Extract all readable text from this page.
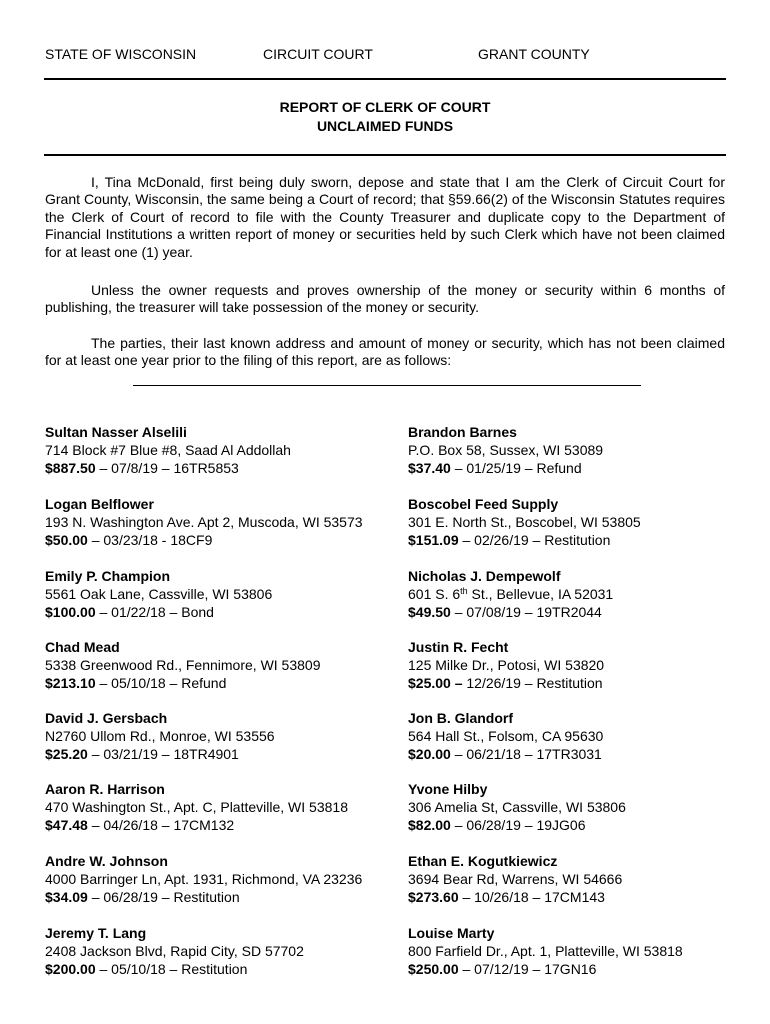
STATE OF WISCONSIN	CIRCUIT COURT	GRANT COUNTY
REPORT OF CLERK OF COURT
UNCLAIMED FUNDS

I, Tina McDonald, first being duly sworn, depose and state that I am the Clerk of Circuit Court for Grant County, Wisconsin, the same being a Court of record; that §59.66(2) of the Wisconsin Statutes requires the Clerk of Court of record to file with the County Treasurer and duplicate copy to the Department of Financial Institutions a written report of money or securities held by such Clerk which have not been claimed for at least one (1) year.

Unless the owner requests and proves ownership of the money or security within 6 months of publishing, the treasurer will take possession of the money or security.

The parties, their last known address and amount of money or security, which has not been claimed for at least one year prior to the filing of this report, are as follows:

Sultan Nasser Alselili
714 Block #7 Blue #8, Saad Al Addollah
$887.50 – 07/8/19 – 16TR5853
Logan Belflower
193 N. Washington Ave. Apt 2, Muscoda, WI 53573
$50.00 – 03/23/18 - 18CF9
Emily P. Champion
5561 Oak Lane, Cassville, WI 53806
$100.00 – 01/22/18 – Bond
Chad Mead
5338 Greenwood Rd., Fennimore, WI 53809
$213.10 – 05/10/18 – Refund
David J. Gersbach
N2760 Ullom Rd., Monroe, WI 53556
$25.20 – 03/21/19 – 18TR4901
Aaron R. Harrison
470 Washington St., Apt. C, Platteville, WI 53818
$47.48 – 04/26/18 – 17CM132
Andre W. Johnson
4000 Barringer Ln, Apt. 1931, Richmond, VA 23236
$34.09 – 06/28/19 – Restitution
Jeremy T. Lang
2408 Jackson Blvd, Rapid City, SD 57702
$200.00 – 05/10/18 – Restitution
Brandon Barnes
P.O. Box 58, Sussex, WI 53089
$37.40 – 01/25/19 – Refund
Boscobel Feed Supply
301 E. North St., Boscobel, WI 53805
$151.09 – 02/26/19 – Restitution
Nicholas J. Dempewolf
601 S. 6th St., Bellevue, IA 52031
$49.50 – 07/08/19 – 19TR2044
Justin R. Fecht
125 Milke Dr., Potosi, WI 53820
$25.00 – 12/26/19 – Restitution
Jon B. Glandorf
564 Hall St., Folsom, CA 95630
$20.00 – 06/21/18 – 17TR3031
Yvone Hilby
306 Amelia St, Cassville, WI 53806
$82.00 – 06/28/19 – 19JG06
Ethan E. Kogutkiewicz
3694 Bear Rd, Warrens, WI 54666
$273.60 – 10/26/18 – 17CM143
Louise Marty
800 Farfield Dr., Apt. 1, Platteville, WI 53818
$250.00 – 07/12/19 – 17GN16
